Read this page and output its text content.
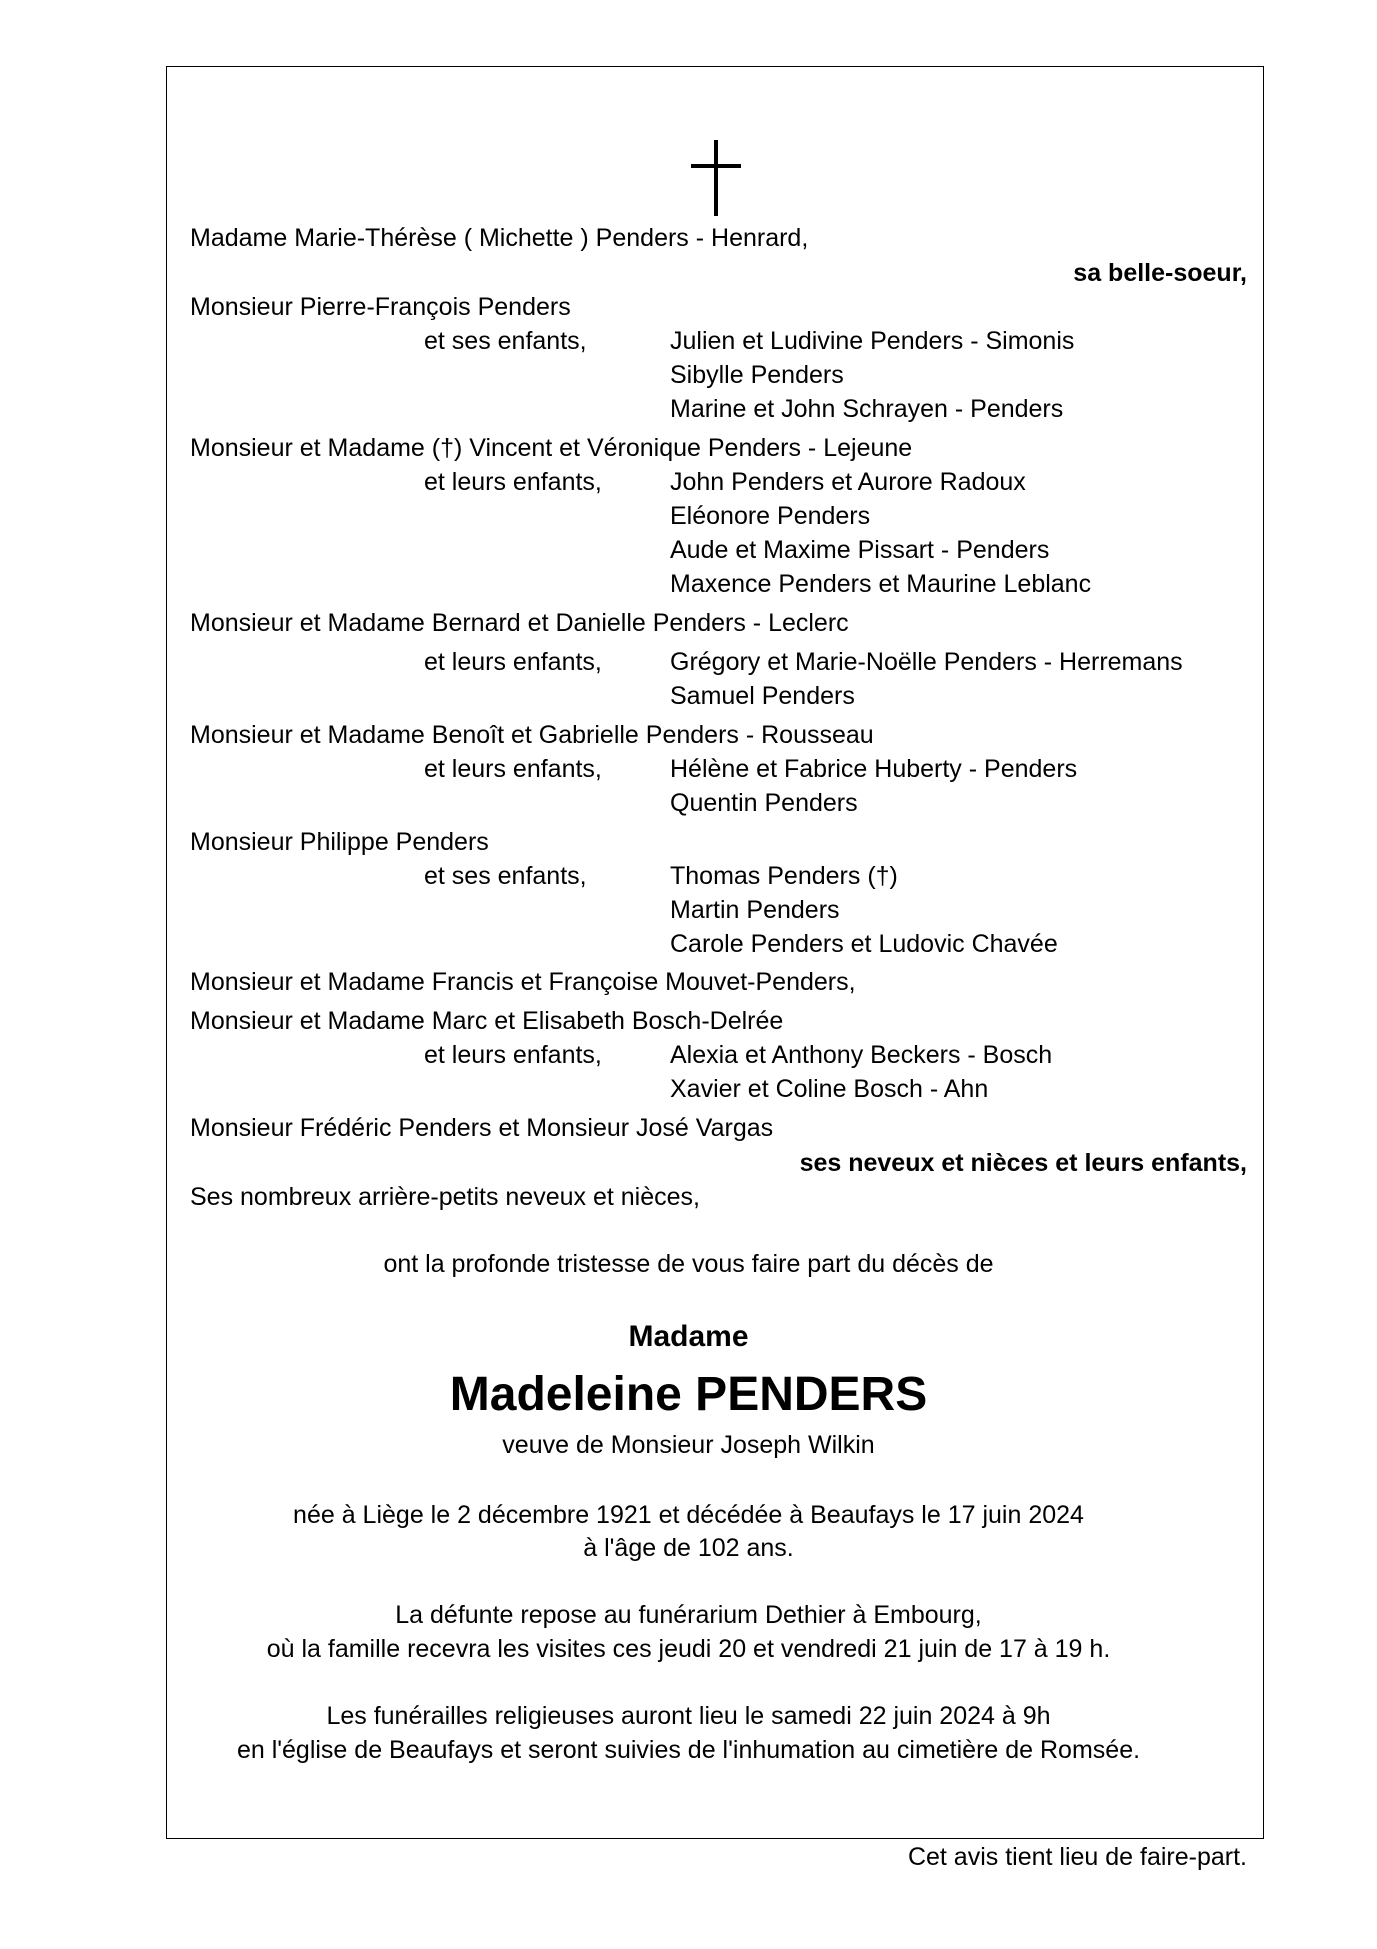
Madame Marie-Thérèse ( Michette ) Penders - Henrard,
sa belle-soeur,
Monsieur Pierre-François Penders
et ses enfants,	Julien et Ludivine Penders - Simonis
Sibylle Penders
Marine et John Schrayen - Penders
Monsieur et Madame (†) Vincent et Véronique Penders - Lejeune
et leurs enfants,	John Penders et Aurore Radoux
Eléonore Penders
Aude et Maxime Pissart - Penders
Maxence Penders et Maurine Leblanc
Monsieur et Madame Bernard et Danielle Penders - Leclerc
et leurs enfants,	Grégory et Marie-Noëlle Penders - Herremans
Samuel Penders
Monsieur et Madame Benoît et Gabrielle Penders - Rousseau
et leurs enfants,	Hélène et Fabrice Huberty - Penders
Quentin Penders
Monsieur Philippe Penders
et ses enfants,	Thomas Penders (†)
Martin Penders
Carole Penders et Ludovic Chavée
Monsieur et Madame Francis et Françoise Mouvet-Penders,
Monsieur et Madame Marc et Elisabeth Bosch-Delrée
et leurs enfants,	Alexia et Anthony Beckers - Bosch
Xavier et Coline Bosch - Ahn
Monsieur Frédéric Penders et Monsieur José Vargas
ses neveux et nièces et leurs enfants,
Ses nombreux arrière-petits neveux et nièces,
ont la profonde tristesse de vous faire part du décès de
Madame
Madeleine PENDERS
veuve de Monsieur Joseph Wilkin
née à Liège le 2 décembre 1921 et décédée à Beaufays le 17 juin 2024
à l'âge de 102 ans.
La défunte repose au funérarium Dethier à Embourg,
où la famille recevra les visites ces jeudi 20 et vendredi 21 juin de 17 à 19 h.
Les funérailles religieuses auront lieu le samedi 22 juin 2024 à 9h
en l'église de Beaufays et seront suivies de l'inhumation au cimetière de Romsée.
Cet avis tient lieu de faire-part.
